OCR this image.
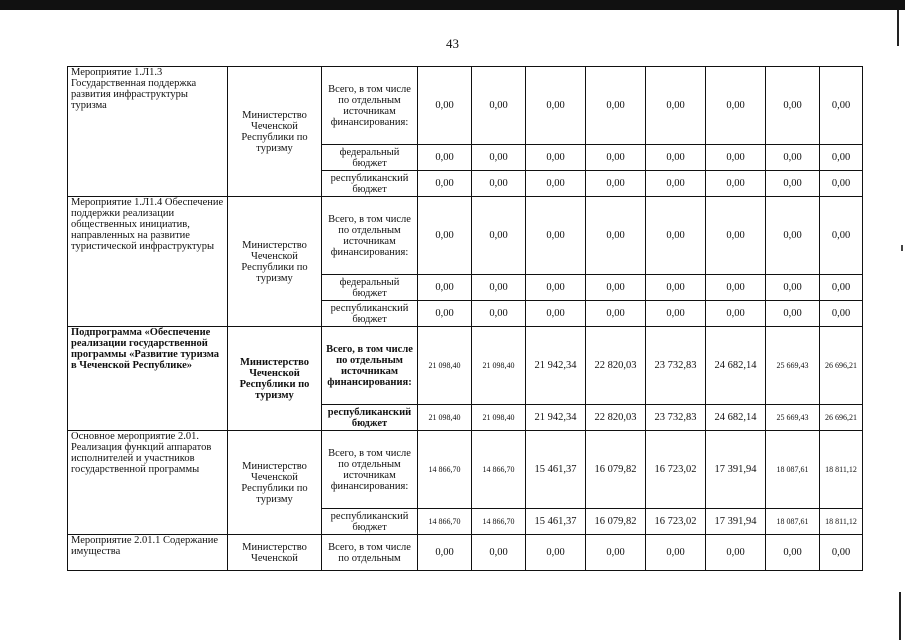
43
Мероприятие 1.Л1.3 Государственная поддержка развития инфраструктуры туризма	Министерство Чеченской Республики по туризму	Всего, в том числе по отдельным источникам финансирования:	0,00	0,00	0,00	0,00	0,00	0,00	0,00	0,00
		федеральный бюджет	0,00	0,00	0,00	0,00	0,00	0,00	0,00	0,00
		республиканский бюджет	0,00	0,00	0,00	0,00	0,00	0,00	0,00	0,00
Мероприятие 1.Л1.4 Обеспечение поддержки реализации общественных инициатив, направленных на развитие туристической инфраструктуры	Министерство Чеченской Республики по туризму	Всего, в том числе по отдельным источникам финансирования:	0,00	0,00	0,00	0,00	0,00	0,00	0,00	0,00
		федеральный бюджет	0,00	0,00	0,00	0,00	0,00	0,00	0,00	0,00
		республиканский бюджет	0,00	0,00	0,00	0,00	0,00	0,00	0,00	0,00
Подпрограмма «Обеспечение реализации государственной программы «Развитие туризма в Чеченской Республике»	Министерство Чеченской Республики по туризму	Всего, в том числе по отдельным источникам финансирования:	21 098,40	21 098,40	21 942,34	22 820,03	23 732,83	24 682,14	25 669,43	26 696,21
		республиканский бюджет	21 098,40	21 098,40	21 942,34	22 820,03	23 732,83	24 682,14	25 669,43	26 696,21
Основное мероприятие 2.01. Реализация функций аппаратов исполнителей и участников государственной программы	Министерство Чеченской Республики по туризму	Всего, в том числе по отдельным источникам финансирования:	14 866,70	14 866,70	15 461,37	16 079,82	16 723,02	17 391,94	18 087,61	18 811,12
		республиканский бюджет	14 866,70	14 866,70	15 461,37	16 079,82	16 723,02	17 391,94	18 087,61	18 811,12
Мероприятие 2.01.1 Содержание имущества	Министерство Чеченской	Всего, в том числе по отдельным	0,00	0,00	0,00	0,00	0,00	0,00	0,00	0,00
